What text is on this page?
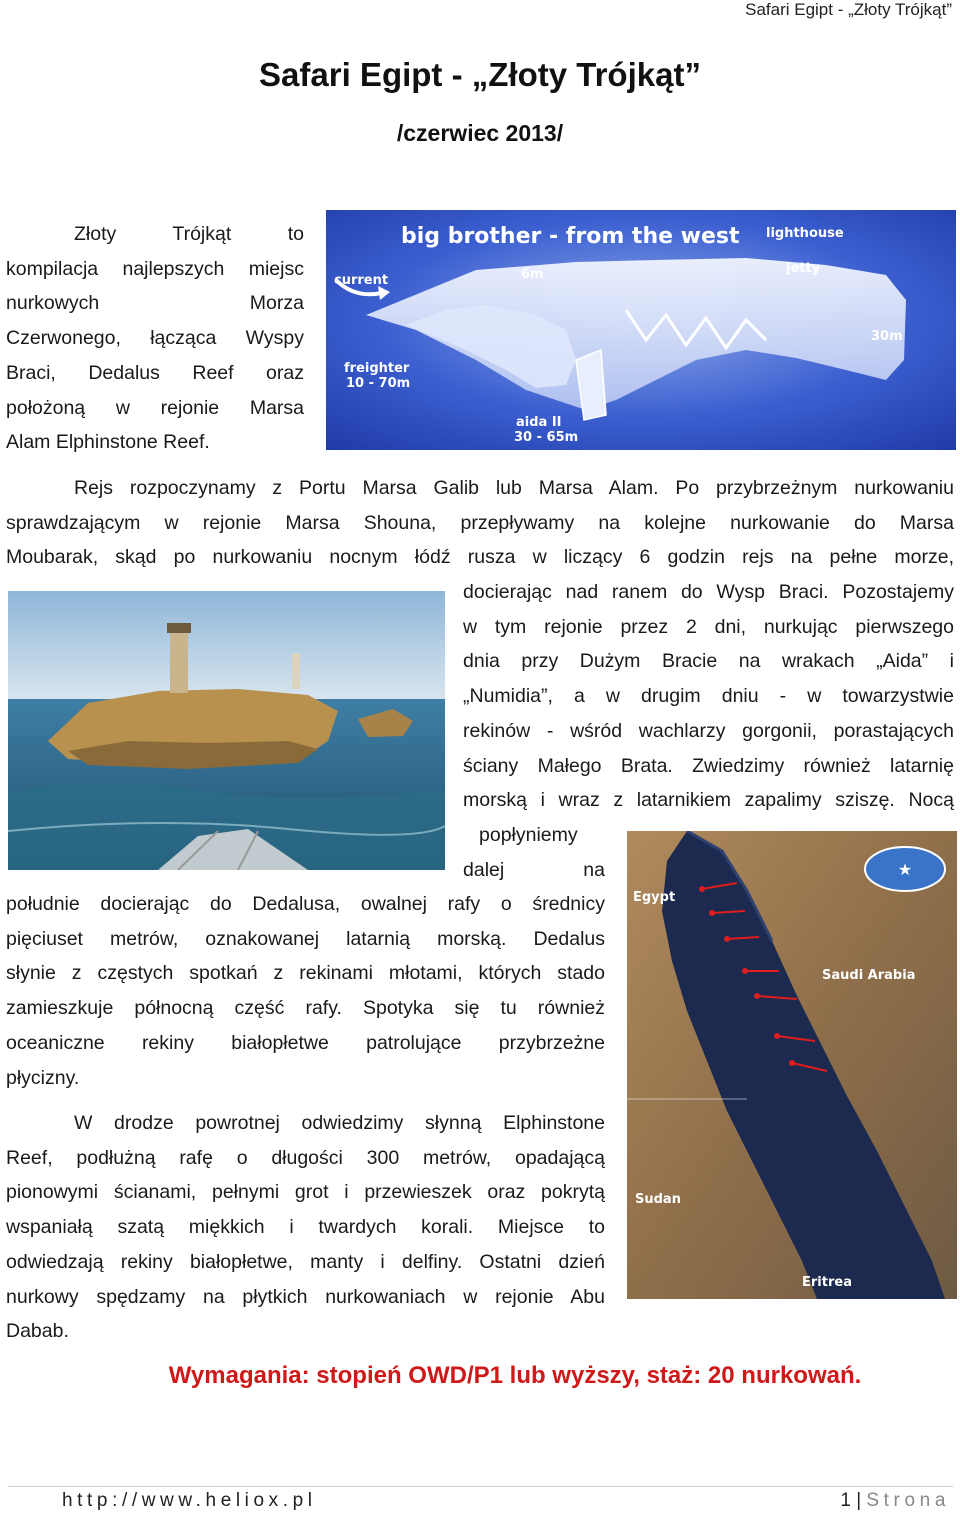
Safari Egipt - „Złoty Trójkąt”
Safari Egipt - „Złoty Trójkąt”
/czerwiec 2013/
Złoty Trójkąt to
kompilacja najlepszych miejsc
nurkowych Morza
Czerwonego, łącząca Wyspy
Braci, Dedalus Reef oraz
położoną w rejonie Marsa
Alam Elphinstone Reef.
big brother - from the west lighthouse
jetty
current	6m
30m
freighter
10 - 70m
aida II
30 - 65m
Rejs rozpoczynamy z Portu Marsa Galib lub Marsa Alam. Po przybrzeżnym nurkowaniu
sprawdzającym w rejonie Marsa Shouna, przepływamy na kolejne nurkowanie do Marsa
Moubarak, skąd po nurkowaniu nocnym łódź rusza w liczący 6 godzin rejs na pełne morze,
docierając nad ranem do Wysp Braci. Pozostajemy
w tym rejonie przez 2 dni, nurkując pierwszego
dnia przy Dużym Bracie na wrakach „Aida” i
„Numidia”, a w drugim dniu - w towarzystwie
rekinów - wśród wachlarzy gorgonii, porastających
ściany Małego Brata. Zwiedzimy również latarnię
morską i wraz z latarnikiem zapalimy sziszę. Nocą
popłyniemy
dalej na
południe docierając do Dedalusa, owalnej rafy o średnicy
pięciuset metrów, oznakowanej latarnią morską. Dedalus
słynie z częstych spotkań z rekinami młotami, których stado
zamieszkuje północną część rafy. Spotyka się tu również
oceaniczne rekiny białopłetwe patrolujące przybrzeżne
płycizny.
★
Egypt
Saudi Arabia
Sudan
Eritrea
W drodze powrotnej odwiedzimy słynną Elphinstone
Reef, podłużną rafę o długości 300 metrów, opadającą
pionowymi ścianami, pełnymi grot i przewieszek oraz pokrytą
wspaniałą szatą miękkich i twardych korali. Miejsce to
odwiedzają rekiny białopłetwe, manty i delfiny. Ostatni dzień
nurkowy spędzamy na płytkich nurkowaniach w rejonie Abu
Dabab.
Wymagania: stopień OWD/P1 lub wyższy, staż: 20 nurkowań.
http://www.heliox.pl	1 | Strona
